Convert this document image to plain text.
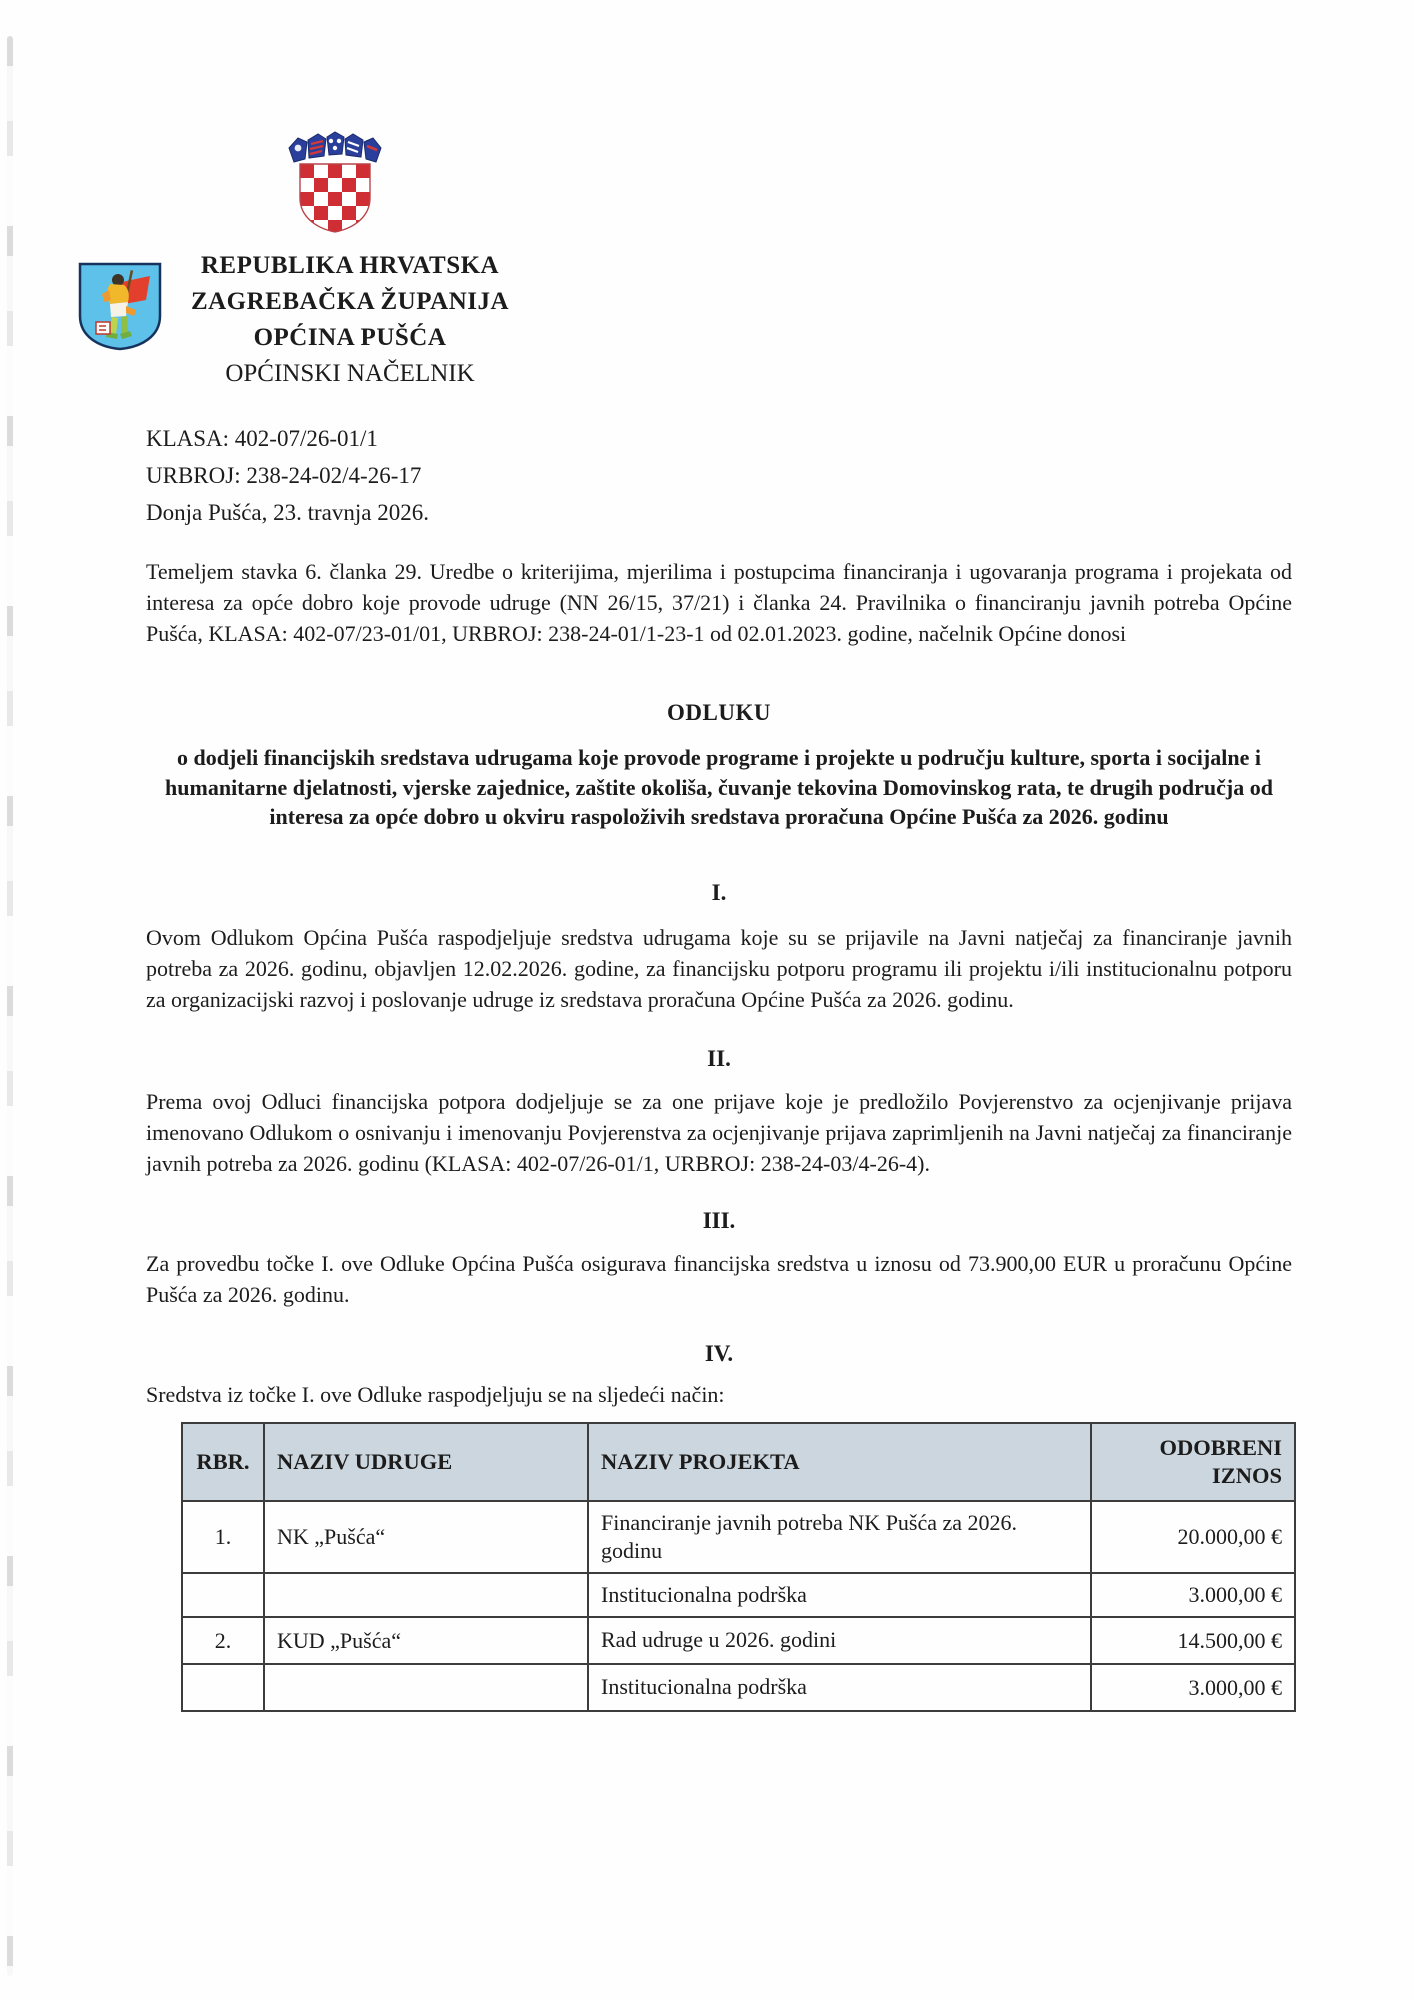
REPUBLIKA HRVATSKA
ZAGREBAČKA ŽUPANIJA
OPĆINA PUŠĆA
OPĆINSKI NAČELNIK
KLASA: 402-07/26-01/1
URBROJ: 238-24-02/4-26-17
Donja Pušća, 23. travnja 2026.

Temeljem stavka 6. članka 29. Uredbe o kriterijima, mjerilima i postupcima financiranja i ugovaranja programa i projekata od interesa za opće dobro koje provode udruge (NN 26/15, 37/21) i članka 24. Pravilnika o financiranju javnih potreba Općine Pušća, KLASA: 402-07/23-01/01, URBROJ: 238-24-01/1-23-1 od 02.01.2023. godine, načelnik Općine donosi

ODLUKU

o dodjeli financijskih sredstava udrugama koje provode programe i projekte u području kulture, sporta i socijalne i humanitarne djelatnosti, vjerske zajednice, zaštite okoliša, čuvanje tekovina Domovinskog rata, te drugih područja od interesa za opće dobro u okviru raspoloživih sredstava proračuna Općine Pušća za 2026. godinu

I.

Ovom Odlukom Općina Pušća raspodjeljuje sredstva udrugama koje su se prijavile na Javni natječaj za financiranje javnih potreba za 2026. godinu, objavljen 12.02.2026. godine, za financijsku potporu programu ili projektu i/ili institucionalnu potporu za organizacijski razvoj i poslovanje udruge iz sredstava proračuna Općine Pušća za 2026. godinu.

II.

Prema ovoj Odluci financijska potpora dodjeljuje se za one prijave koje je predložilo Povjerenstvo za ocjenjivanje prijava imenovano Odlukom o osnivanju i imenovanju Povjerenstva za ocjenjivanje prijava zaprimljenih na Javni natječaj za financiranje javnih potreba za 2026. godinu (KLASA: 402-07/26-01/1, URBROJ: 238-24-03/4-26-4).

III.

Za provedbu točke I. ove Odluke Općina Pušća osigurava financijska sredstva u iznosu od 73.900,00 EUR u proračunu Općine Pušća za 2026. godinu.

IV.

Sredstva iz točke I. ove Odluke raspodjeljuju se na sljedeći način:

RBR.	NAZIV UDRUGE	NAZIV PROJEKTA	ODOBRENI IZNOS
1.	NK „Pušća“	Financiranje javnih potreba NK Pušća za 2026. godinu	20.000,00 €
		Institucionalna podrška	3.000,00 €
2.	KUD „Pušća“	Rad udruge u 2026. godini	14.500,00 €
		Institucionalna podrška	3.000,00 €
